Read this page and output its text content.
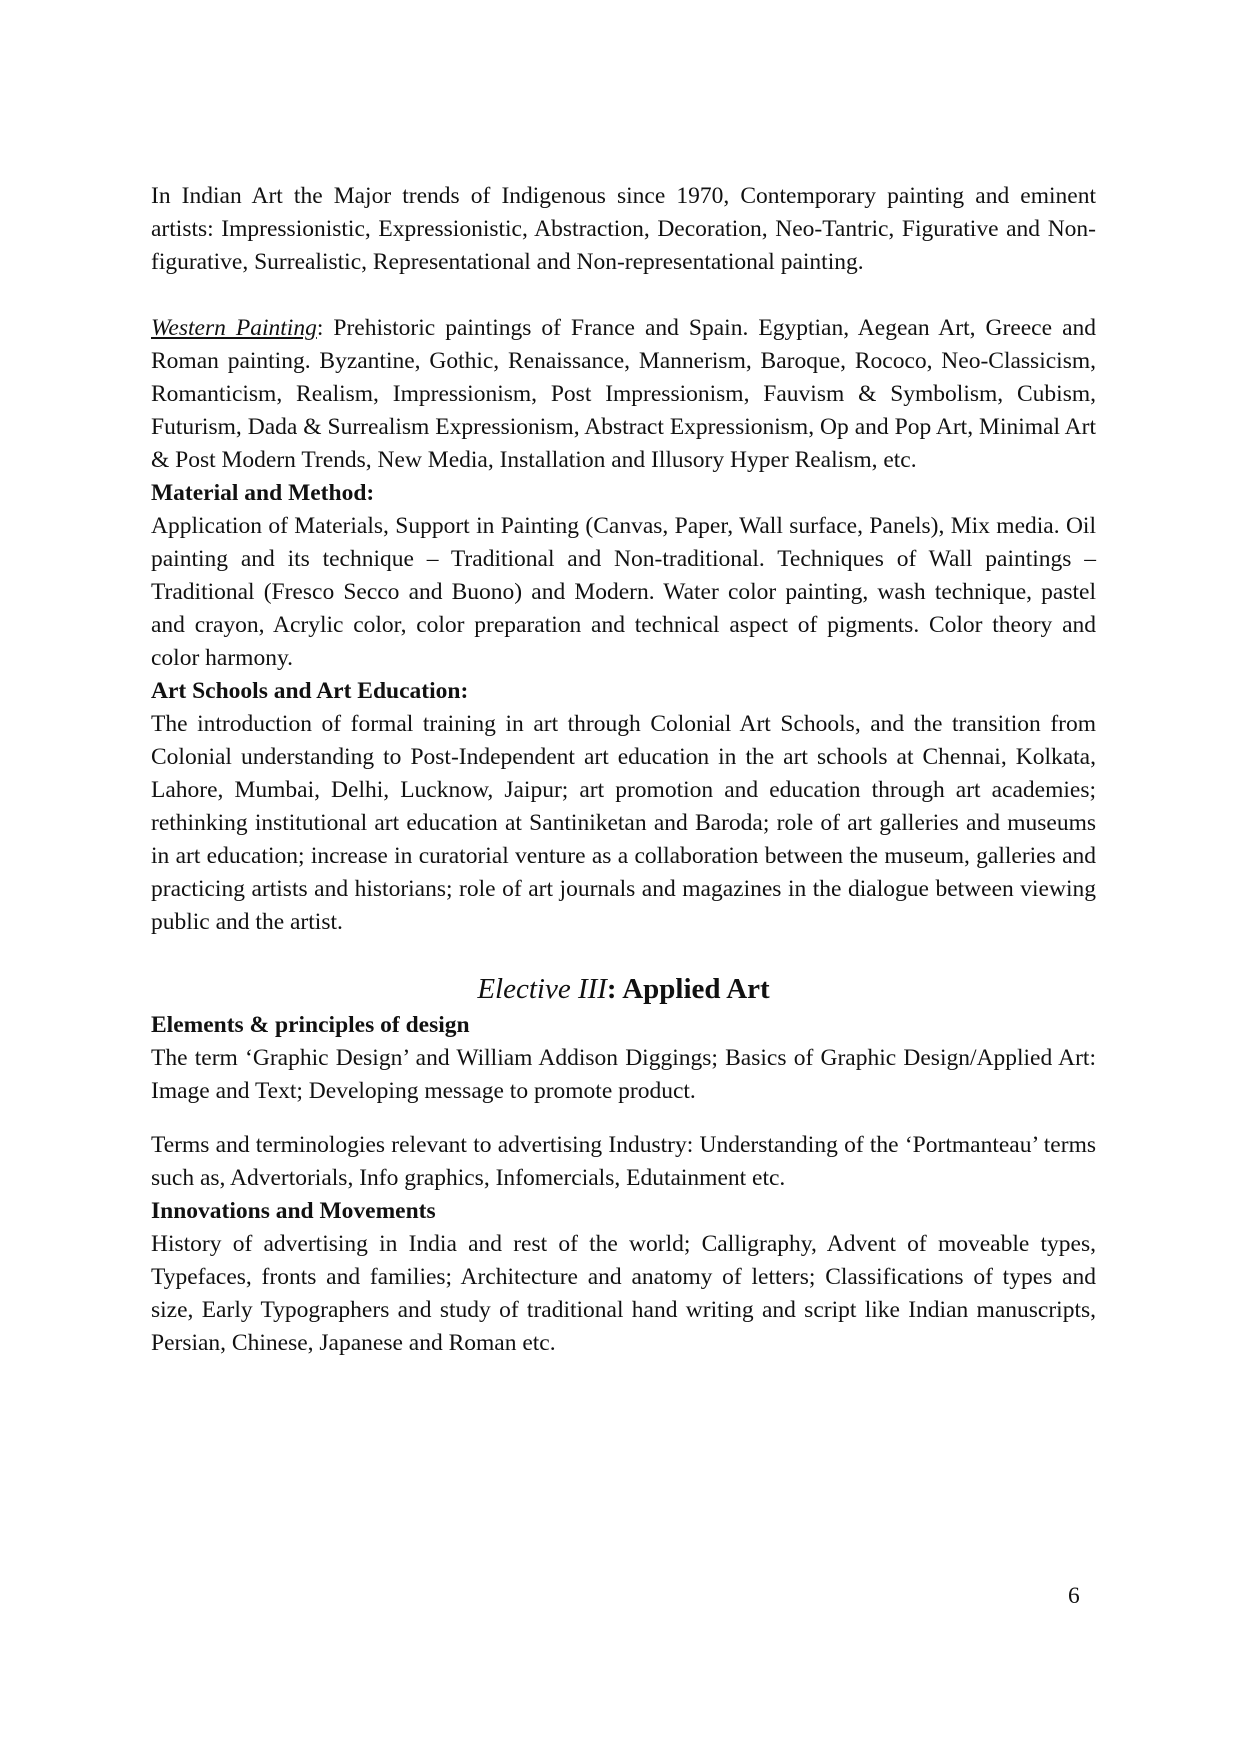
In Indian Art the Major trends of Indigenous since 1970, Contemporary painting and eminent artists: Impressionistic, Expressionistic, Abstraction, Decoration, Neo-Tantric, Figurative and Non-figurative, Surrealistic, Representational and Non-representational painting.

Western Painting: Prehistoric paintings of France and Spain. Egyptian, Aegean Art, Greece and Roman painting. Byzantine, Gothic, Renaissance, Mannerism, Baroque, Rococo, Neo-Classicism, Romanticism, Realism, Impressionism, Post Impressionism, Fauvism & Symbolism, Cubism, Futurism, Dada & Surrealism Expressionism, Abstract Expressionism, Op and Pop Art, Minimal Art & Post Modern Trends, New Media, Installation and Illusory Hyper Realism, etc.

Material and Method:

Application of Materials, Support in Painting (Canvas, Paper, Wall surface, Panels), Mix media. Oil painting and its technique – Traditional and Non-traditional. Techniques of Wall paintings – Traditional (Fresco Secco and Buono) and Modern. Water color painting, wash technique, pastel and crayon, Acrylic color, color preparation and technical aspect of pigments. Color theory and color harmony.

Art Schools and Art Education:

The introduction of formal training in art through Colonial Art Schools, and the transition from Colonial understanding to Post-Independent art education in the art schools at Chennai, Kolkata, Lahore, Mumbai, Delhi, Lucknow, Jaipur; art promotion and education through art academies; rethinking institutional art education at Santiniketan and Baroda; role of art galleries and museums in art education; increase in curatorial venture as a collaboration between the museum, galleries and practicing artists and historians; role of art journals and magazines in the dialogue between viewing public and the artist.

Elective III: Applied Art

Elements & principles of design

The term ‘Graphic Design’ and William Addison Diggings; Basics of Graphic Design/Applied Art: Image and Text; Developing message to promote product.

Terms and terminologies relevant to advertising Industry: Understanding of the ‘Portmanteau’ terms such as, Advertorials, Info graphics, Infomercials, Edutainment etc.

Innovations and Movements

History of advertising in India and rest of the world; Calligraphy, Advent of moveable types, Typefaces, fronts and families; Architecture and anatomy of letters; Classifications of types and size, Early Typographers and study of traditional hand writing and script like Indian manuscripts, Persian, Chinese, Japanese and Roman etc.

6
